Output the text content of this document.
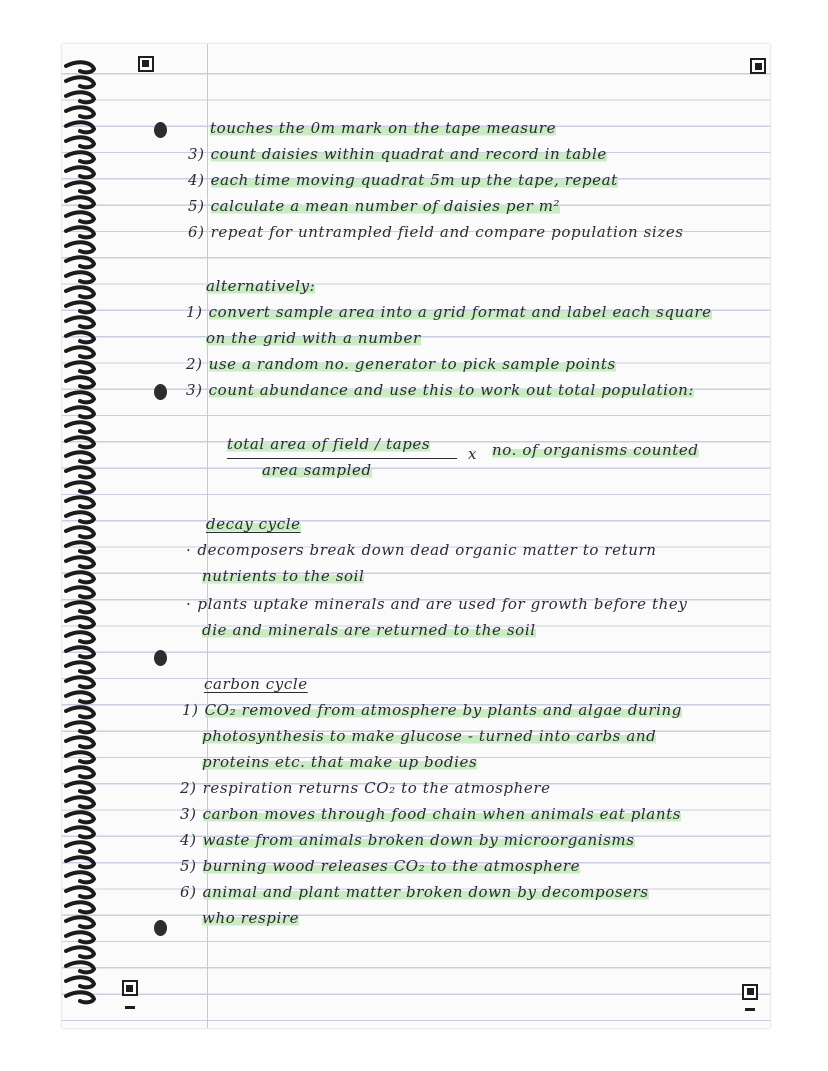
touches the 0m mark on the tape measure
3) count daisies within quadrat and record in table
4) each time moving quadrat 5m up the tape, repeat
5) calculate a mean number of daisies per m²
6) repeat for untrampled field and compare population sizes
alternatively:
1) convert sample area into a grid format and label each square
on the grid with a number
2) use a random no. generator to pick sample points
3) count abundance and use this to work out total population:
total area of field / tapes
x no. of organisms counted
area sampled
decay cycle
· decomposers break down dead organic matter to return
nutrients to the soil
· plants uptake minerals and are used for growth before they
die and minerals are returned to the soil
carbon cycle
1) CO₂ removed from atmosphere by plants and algae during
photosynthesis to make glucose - turned into carbs and
proteins etc. that make up bodies
2) respiration returns CO₂ to the atmosphere
3) carbon moves through food chain when animals eat plants
4) waste from animals broken down by microorganisms
5) burning wood releases CO₂ to the atmosphere
6) animal and plant matter broken down by decomposers
who respire
